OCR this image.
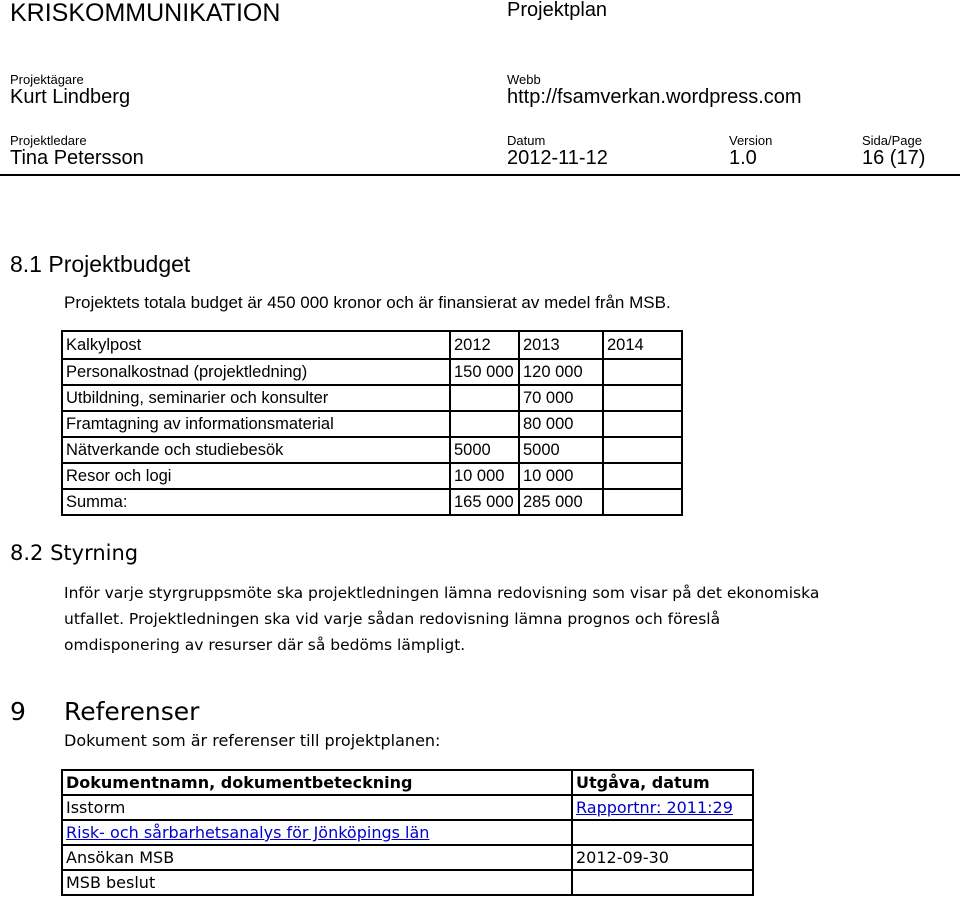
KRISKOMMUNIKATION	Projektplan
Projektägare
Kurt Lindberg
Webb
http://fsamverkan.wordpress.com
Projektledare
Tina Petersson
Datum
2012-11-12
Version
1.0
Sida/Page
16 (17)
8.1 Projektbudget
Projektets totala budget är 450 000 kronor och är finansierat av medel från MSB.
Kalkylpost	2012	2013	2014
Personalkostnad (projektledning)	150 000	120 000	
Utbildning, seminarier och konsulter		70 000	
Framtagning av informationsmaterial		80 000	
Nätverkande och studiebesök	5000	5000	
Resor och logi	10 000	10 000	
Summa:	165 000	285 000	
8.2 Styrning
Inför varje styrgruppsmöte ska projektledningen lämna redovisning som visar på det ekonomiska utfallet. Projektledningen ska vid varje sådan redovisning lämna prognos och föreslå omdisponering av resurser där så bedöms lämpligt.
9 Referenser
Dokument som är referenser till projektplanen:
Dokumentnamn, dokumentbeteckning	Utgåva, datum
Isstorm	Rapportnr: 2011:29
Risk- och sårbarhetsanalys för Jönköpings län	
Ansökan MSB	2012-09-30
MSB beslut	
